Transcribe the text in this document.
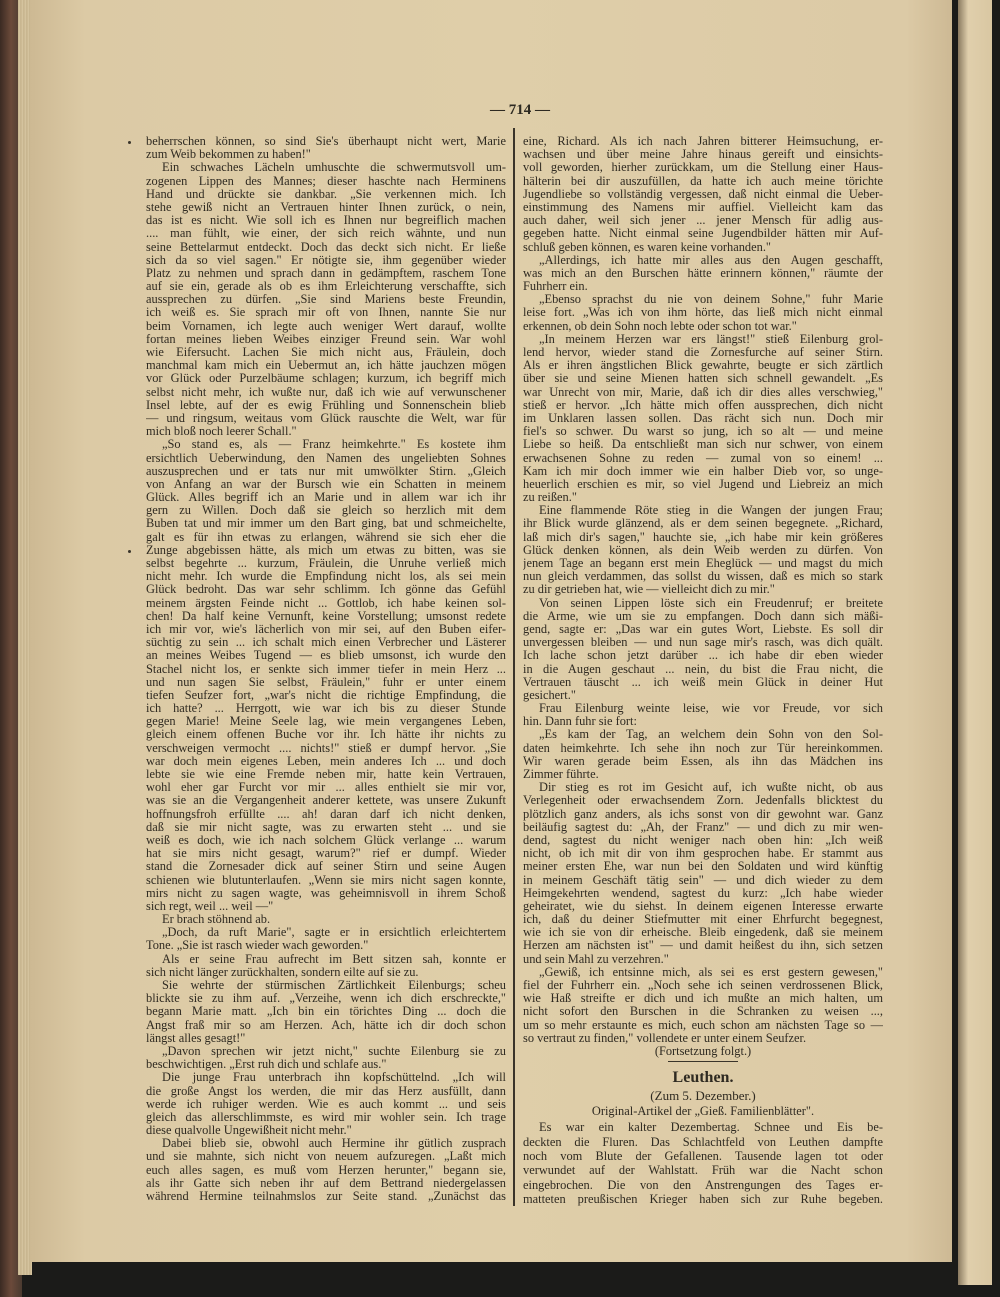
— 714 —
beherrschen können, so sind Sie's überhaupt nicht wert, Marie
zum Weib bekommen zu haben!"
Ein schwaches Lächeln umhuschte die schwermutsvoll um-
zogenen Lippen des Mannes; dieser haschte nach Herminens
Hand und drückte sie dankbar. „Sie verkennen mich. Ich
stehe gewiß nicht an Vertrauen hinter Ihnen zurück, o nein,
das ist es nicht. Wie soll ich es Ihnen nur begreiflich machen
.... man fühlt, wie einer, der sich reich wähnte, und nun
seine Bettelarmut entdeckt. Doch das deckt sich nicht. Er ließe
sich da so viel sagen." Er nötigte sie, ihm gegenüber wieder
Platz zu nehmen und sprach dann in gedämpftem, raschem Tone
auf sie ein, gerade als ob es ihm Erleichterung verschaffte, sich
aussprechen zu dürfen. „Sie sind Mariens beste Freundin,
ich weiß es. Sie sprach mir oft von Ihnen, nannte Sie nur
beim Vornamen, ich legte auch weniger Wert darauf, wollte
fortan meines lieben Weibes einziger Freund sein. War wohl
wie Eifersucht. Lachen Sie mich nicht aus, Fräulein, doch
manchmal kam mich ein Uebermut an, ich hätte jauchzen mögen
vor Glück oder Purzelbäume schlagen; kurzum, ich begriff mich
selbst nicht mehr, ich wußte nur, daß ich wie auf verwunschener
Insel lebte, auf der es ewig Frühling und Sonnenschein blieb
— und ringsum, weitaus vom Glück rauschte die Welt, war für
mich bloß noch leerer Schall."
„So stand es, als — Franz heimkehrte." Es kostete ihm
ersichtlich Ueberwindung, den Namen des ungeliebten Sohnes
auszusprechen und er tats nur mit umwölkter Stirn. „Gleich
von Anfang an war der Bursch wie ein Schatten in meinem
Glück. Alles begriff ich an Marie und in allem war ich ihr
gern zu Willen. Doch daß sie gleich so herzlich mit dem
Buben tat und mir immer um den Bart ging, bat und schmeichelte,
galt es für ihn etwas zu erlangen, während sie sich eher die
Zunge abgebissen hätte, als mich um etwas zu bitten, was sie
selbst begehrte ... kurzum, Fräulein, die Unruhe verließ mich
nicht mehr. Ich wurde die Empfindung nicht los, als sei mein
Glück bedroht. Das war sehr schlimm. Ich gönne das Gefühl
meinem ärgsten Feinde nicht ... Gottlob, ich habe keinen sol-
chen! Da half keine Vernunft, keine Vorstellung; umsonst redete
ich mir vor, wie's lächerlich von mir sei, auf den Buben eifer-
süchtig zu sein ... ich schalt mich einen Verbrecher und Lästerer
an meines Weibes Tugend — es blieb umsonst, ich wurde den
Stachel nicht los, er senkte sich immer tiefer in mein Herz ...
und nun sagen Sie selbst, Fräulein," fuhr er unter einem
tiefen Seufzer fort, „war's nicht die richtige Empfindung, die
ich hatte? ... Herrgott, wie war ich bis zu dieser Stunde
gegen Marie! Meine Seele lag, wie mein vergangenes Leben,
gleich einem offenen Buche vor ihr. Ich hätte ihr nichts zu
verschweigen vermocht .... nichts!" stieß er dumpf hervor. „Sie
war doch mein eigenes Leben, mein anderes Ich ... und doch
lebte sie wie eine Fremde neben mir, hatte kein Vertrauen,
wohl eher gar Furcht vor mir ... alles enthielt sie mir vor,
was sie an die Vergangenheit anderer kettete, was unsere Zukunft
hoffnungsfroh erfüllte .... ah! daran darf ich nicht denken,
daß sie mir nicht sagte, was zu erwarten steht ... und sie
weiß es doch, wie ich nach solchem Glück verlange ... warum
hat sie mirs nicht gesagt, warum?" rief er dumpf. Wieder
stand die Zornesader dick auf seiner Stirn und seine Augen
schienen wie blutunterlaufen. „Wenn sie mirs nicht sagen konnte,
mirs nicht zu sagen wagte, was geheimnisvoll in ihrem Schoß
sich regt, weil ... weil —"
Er brach stöhnend ab.
„Doch, da ruft Marie", sagte er in ersichtlich erleichtertem
Tone. „Sie ist rasch wieder wach geworden."
Als er seine Frau aufrecht im Bett sitzen sah, konnte er
sich nicht länger zurückhalten, sondern eilte auf sie zu.
Sie wehrte der stürmischen Zärtlichkeit Eilenburgs; scheu
blickte sie zu ihm auf. „Verzeihe, wenn ich dich erschreckte,"
begann Marie matt. „Ich bin ein törichtes Ding ... doch die
Angst fraß mir so am Herzen. Ach, hätte ich dir doch schon
längst alles gesagt!"
„Davon sprechen wir jetzt nicht," suchte Eilenburg sie zu
beschwichtigen. „Erst ruh dich und schlafe aus."
Die junge Frau unterbrach ihn kopfschüttelnd. „Ich will
die große Angst los werden, die mir das Herz ausfüllt, dann
werde ich ruhiger werden. Wie es auch kommt ... und seis
gleich das allerschlimmste, es wird mir wohler sein. Ich trage
diese qualvolle Ungewißheit nicht mehr."
Dabei blieb sie, obwohl auch Hermine ihr gütlich zusprach
und sie mahnte, sich nicht von neuem aufzuregen. „Laßt mich
euch alles sagen, es muß vom Herzen herunter," begann sie,
als ihr Gatte sich neben ihr auf dem Bettrand niedergelassen
während Hermine teilnahmslos zur Seite stand. „Zunächst das
eine, Richard. Als ich nach Jahren bitterer Heimsuchung, er-
wachsen und über meine Jahre hinaus gereift und einsichts-
voll geworden, hierher zurückkam, um die Stellung einer Haus-
hälterin bei dir auszufüllen, da hatte ich auch meine törichte
Jugendliebe so vollständig vergessen, daß nicht einmal die Ueber-
einstimmung des Namens mir auffiel. Vielleicht kam das
auch daher, weil sich jener ... jener Mensch für adlig aus-
gegeben hatte. Nicht einmal seine Jugendbilder hätten mir Auf-
schluß geben können, es waren keine vorhanden."
„Allerdings, ich hatte mir alles aus den Augen geschafft,
was mich an den Burschen hätte erinnern können," räumte der
Fuhrherr ein.
„Ebenso sprachst du nie von deinem Sohne," fuhr Marie
leise fort. „Was ich von ihm hörte, das ließ mich nicht einmal
erkennen, ob dein Sohn noch lebte oder schon tot war."
„In meinem Herzen war ers längst!" stieß Eilenburg grol-
lend hervor, wieder stand die Zornesfurche auf seiner Stirn.
Als er ihren ängstlichen Blick gewahrte, beugte er sich zärtlich
über sie und seine Mienen hatten sich schnell gewandelt. „Es
war Unrecht von mir, Marie, daß ich dir dies alles verschwieg,"
stieß er hervor. „Ich hätte mich offen aussprechen, dich nicht
im Unklaren lassen sollen. Das rächt sich nun. Doch mir
fiel's so schwer. Du warst so jung, ich so alt — und meine
Liebe so heiß. Da entschließt man sich nur schwer, von einem
erwachsenen Sohne zu reden — zumal von so einem! ...
Kam ich mir doch immer wie ein halber Dieb vor, so unge-
heuerlich erschien es mir, so viel Jugend und Liebreiz an mich
zu reißen."
Eine flammende Röte stieg in die Wangen der jungen Frau;
ihr Blick wurde glänzend, als er dem seinen begegnete. „Richard,
laß mich dir's sagen," hauchte sie, „ich habe mir kein größeres
Glück denken können, als dein Weib werden zu dürfen. Von
jenem Tage an begann erst mein Eheglück — und magst du mich
nun gleich verdammen, das sollst du wissen, daß es mich so stark
zu dir getrieben hat, wie — vielleicht dich zu mir."
Von seinen Lippen löste sich ein Freudenruf; er breitete
die Arme, wie um sie zu empfangen. Doch dann sich mäßi-
gend, sagte er: „Das war ein gutes Wort, Liebste. Es soll dir
unvergessen bleiben — und nun sage mir's rasch, was dich quält.
Ich lache schon jetzt darüber ... ich habe dir eben wieder
in die Augen geschaut ... nein, du bist die Frau nicht, die
Vertrauen täuscht ... ich weiß mein Glück in deiner Hut
gesichert."
Frau Eilenburg weinte leise, wie vor Freude, vor sich
hin. Dann fuhr sie fort:
„Es kam der Tag, an welchem dein Sohn von den Sol-
daten heimkehrte. Ich sehe ihn noch zur Tür hereinkommen.
Wir waren gerade beim Essen, als ihn das Mädchen ins
Zimmer führte.
Dir stieg es rot im Gesicht auf, ich wußte nicht, ob aus
Verlegenheit oder erwachsendem Zorn. Jedenfalls blicktest du
plötzlich ganz anders, als ichs sonst von dir gewohnt war. Ganz
beiläufig sagtest du: „Ah, der Franz" — und dich zu mir wen-
dend, sagtest du nicht weniger nach oben hin: „Ich weiß
nicht, ob ich mit dir von ihm gesprochen habe. Er stammt aus
meiner ersten Ehe, war nun bei den Soldaten und wird künftig
in meinem Geschäft tätig sein" — und dich wieder zu dem
Heimgekehrten wendend, sagtest du kurz: „Ich habe wieder
geheiratet, wie du siehst. In deinem eigenen Interesse erwarte
ich, daß du deiner Stiefmutter mit einer Ehrfurcht begegnest,
wie ich sie von dir erheische. Bleib eingedenk, daß sie meinem
Herzen am nächsten ist" — und damit heißest du ihn, sich setzen
und sein Mahl zu verzehren."
„Gewiß, ich entsinne mich, als sei es erst gestern gewesen,"
fiel der Fuhrherr ein. „Noch sehe ich seinen verdrossenen Blick,
wie Haß streifte er dich und ich mußte an mich halten, um
nicht sofort den Burschen in die Schranken zu weisen ...,
um so mehr erstaunte es mich, euch schon am nächsten Tage so —
so vertraut zu finden," vollendete er unter einem Seufzer.
(Fortsetzung folgt.)
Leuthen.
(Zum 5. Dezember.)
Original-Artikel der „Gieß. Familienblätter".
Es war ein kalter Dezembertag. Schnee und Eis be-
deckten die Fluren. Das Schlachtfeld von Leuthen dampfte
noch vom Blute der Gefallenen. Tausende lagen tot oder
verwundet auf der Wahlstatt. Früh war die Nacht schon
eingebrochen. Die von den Anstrengungen des Tages er-
matteten preußischen Krieger haben sich zur Ruhe begeben.
